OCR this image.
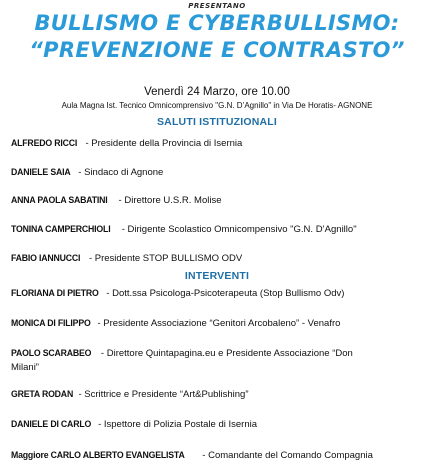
PRESENTANO
BULLISMO E CYBERBULLISMO:
“PREVENZIONE E CONTRASTO”
Venerdì 24 Marzo, ore 10.00
Aula Magna Ist. Tecnico Omnicomprensivo "G.N. D’Agnillo" in Via De Horatis- AGNONE
SALUTI ISTITUZIONALI
ALFREDO RICCI - Presidente della Provincia di Isernia
DANIELE SAIA - Sindaco di Agnone
ANNA PAOLA SABATINI - Direttore U.S.R. Molise
TONINA CAMPERCHIOLI - Dirigente Scolastico Omnicompensivo "G.N. D’Agnillo"
FABIO IANNUCCI - Presidente STOP BULLISMO ODV
INTERVENTI
FLORIANA DI PIETRO - Dott.ssa Psicologa-Psicoterapeuta (Stop Bullismo Odv)
MONICA DI FILIPPO - Presidente Associazione “Genitori Arcobaleno” - Venafro
PAOLO SCARABEO - Direttore Quintapagina.eu e Presidente Associazione “Don
Milani”
GRETA RODAN - Scrittrice e Presidente “Art&Publishing”
DANIELE DI CARLO - Ispettore di Polizia Postale di Isernia
Maggiore CARLO ALBERTO EVANGELISTA - Comandante del Comando Compagnia
